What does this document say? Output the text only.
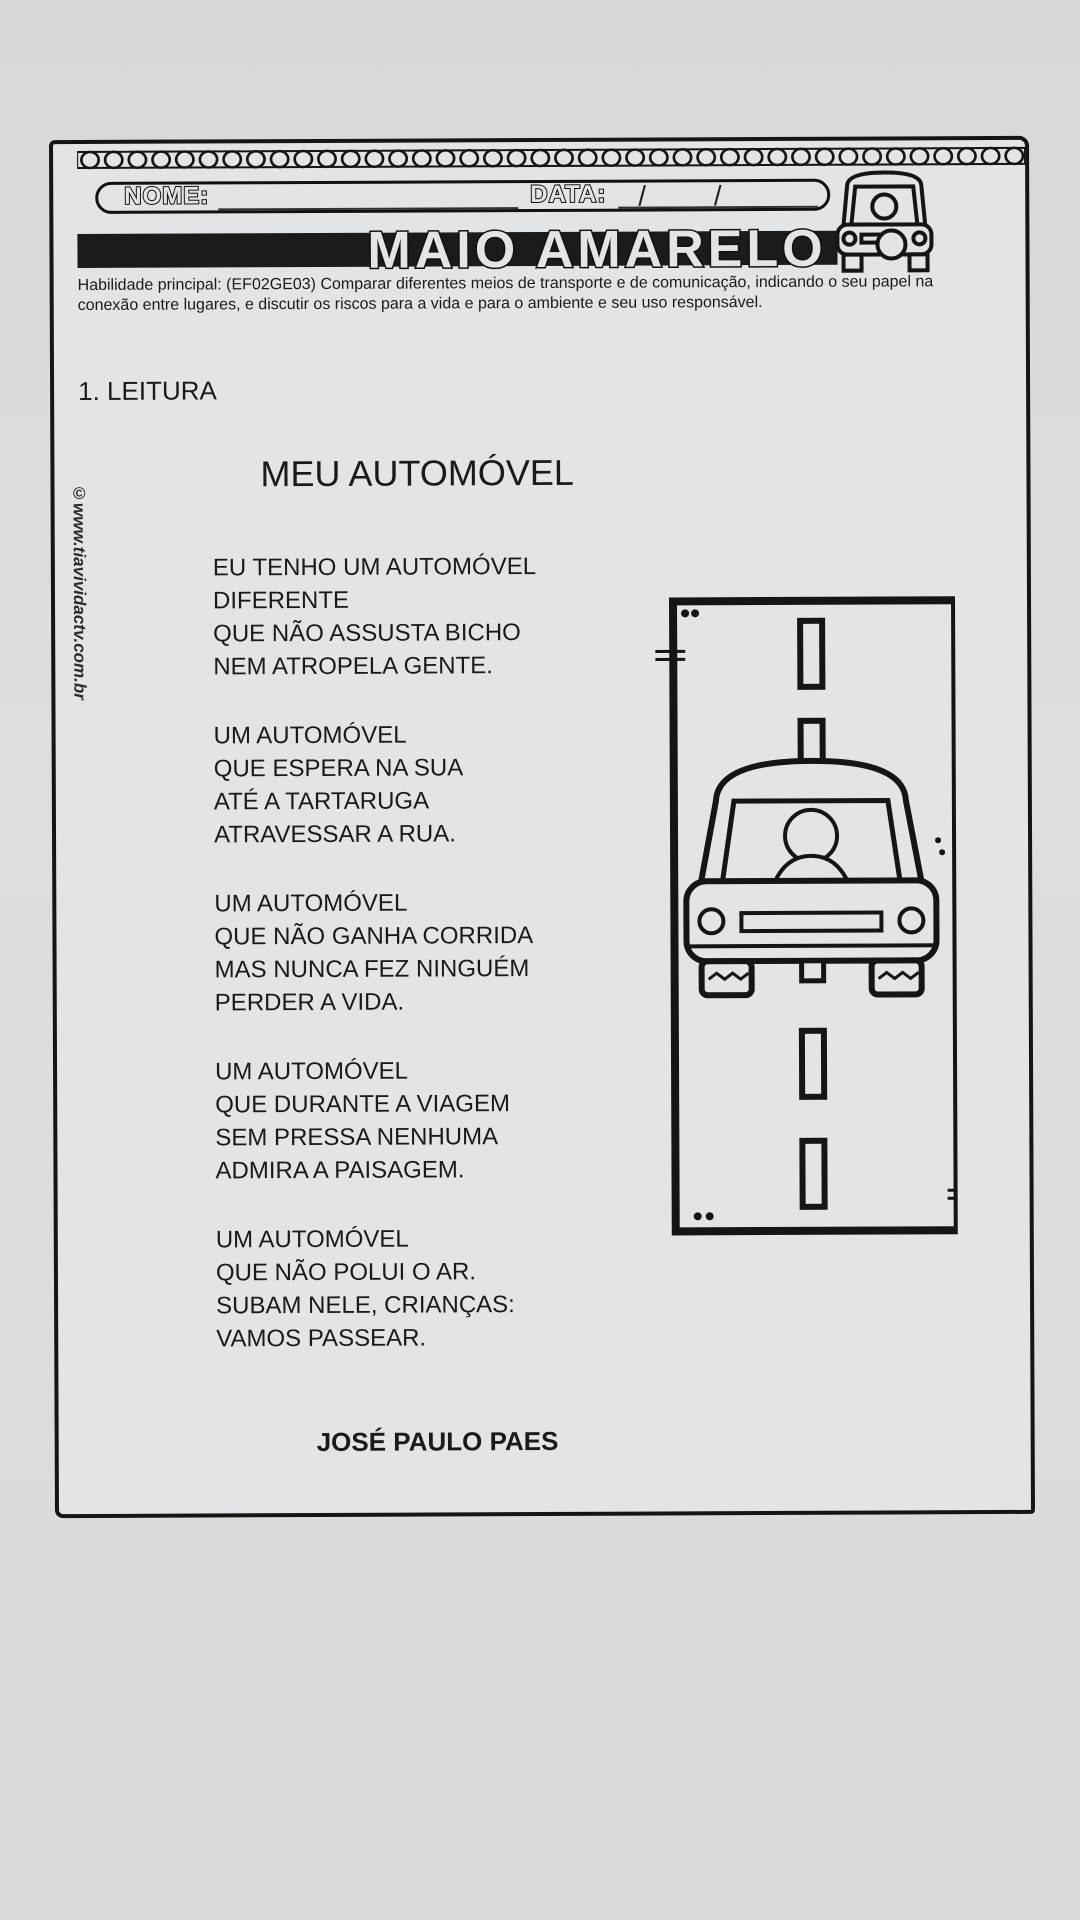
NOME:	DATA: / /
MAIO AMARELO
©www.tiavividactv.com.br
Habilidade principal: (EF02GE03) Comparar diferentes meios de transporte e de comunicação, indicando o seu papel na conexão entre lugares, e discutir os riscos para a vida e para o ambiente e seu uso responsável.
1. LEITURA
MEU AUTOMÓVEL
EU TENHO UM AUTOMÓVEL
DIFERENTE
QUE NÃO ASSUSTA BICHO
NEM ATROPELA GENTE.
UM AUTOMÓVEL
QUE ESPERA NA SUA
ATÉ A TARTARUGA
ATRAVESSAR A RUA.
UM AUTOMÓVEL
QUE NÃO GANHA CORRIDA
MAS NUNCA FEZ NINGUÉM
PERDER A VIDA.
UM AUTOMÓVEL
QUE DURANTE A VIAGEM
SEM PRESSA NENHUMA
ADMIRA A PAISAGEM.
UM AUTOMÓVEL
QUE NÃO POLUI O AR.
SUBAM NELE, CRIANÇAS:
VAMOS PASSEAR.
JOSÉ PAULO PAES
